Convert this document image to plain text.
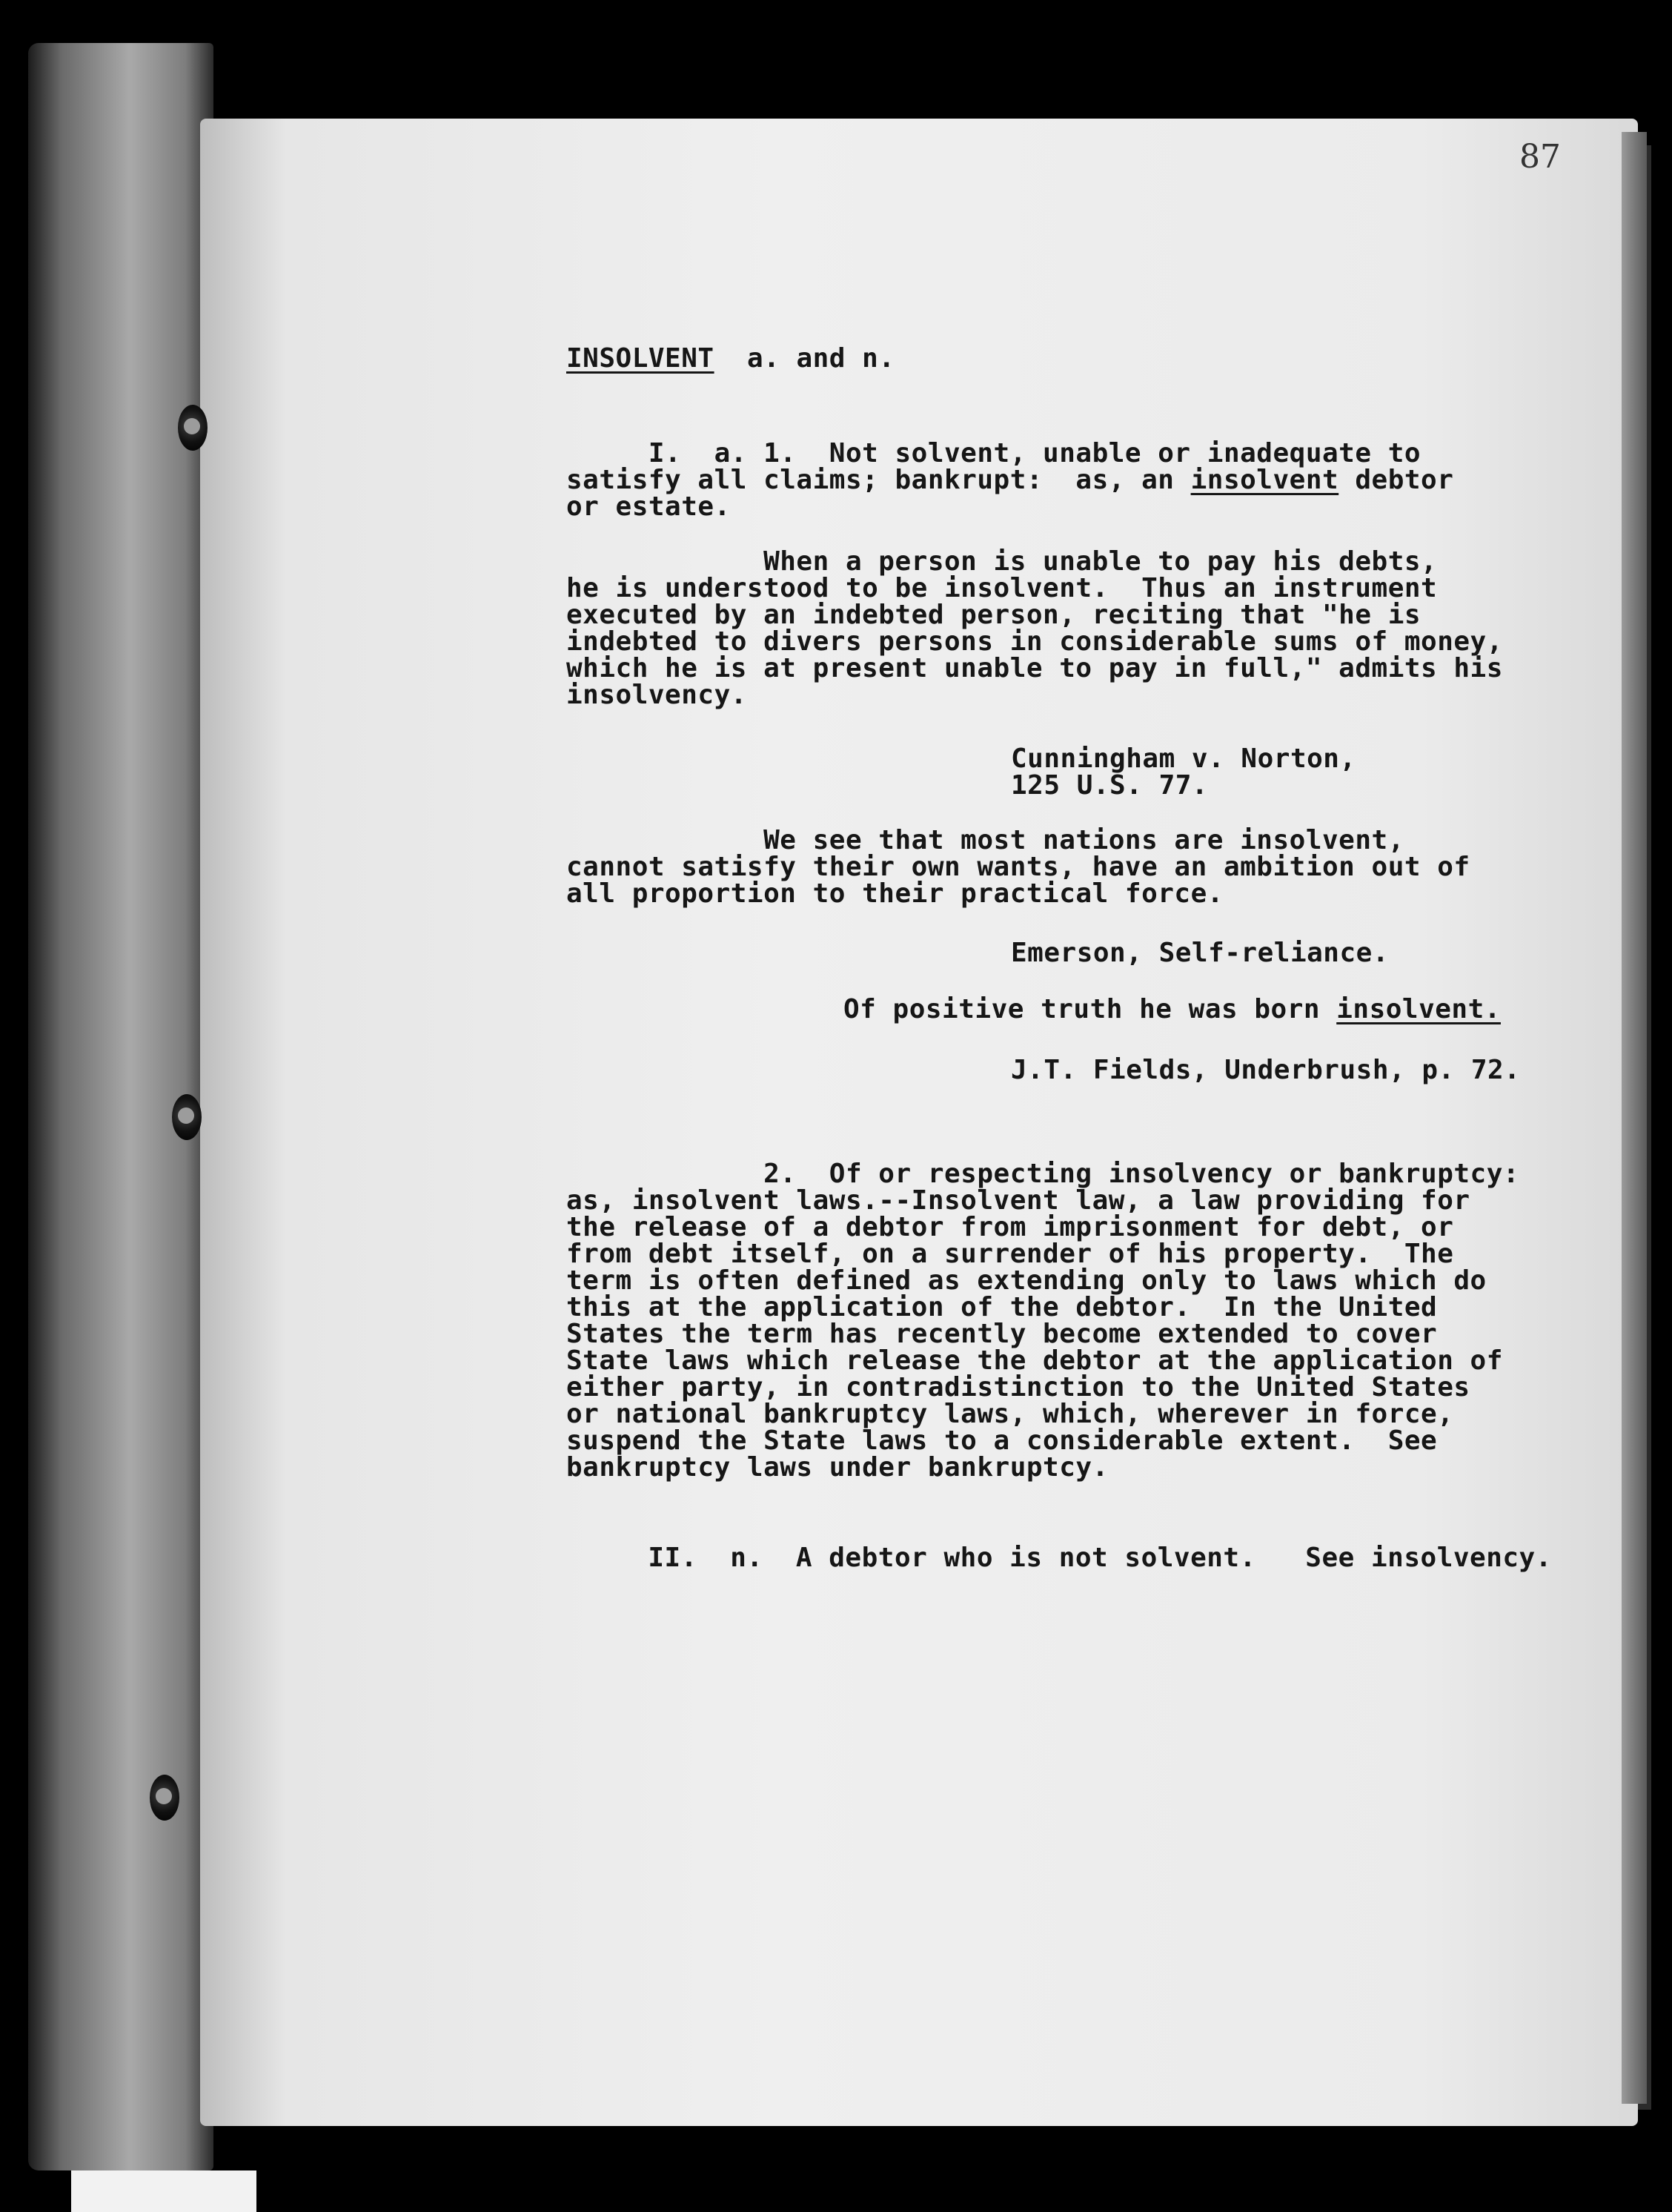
87

INSOLVENT a. and n.

I.  a. 1.  Not solvent, unable or inadequate to

satisfy all claims; bankrupt:  as, an insolvent debtor

or estate.

When a person is unable to pay his debts,

he is understood to be insolvent.  Thus an instrument

executed by an indebted person, reciting that "he is

indebted to divers persons in considerable sums of money,

which he is at present unable to pay in full," admits his

insolvency.

Cunningham v. Norton,

125 U.S. 77.

We see that most nations are insolvent,

cannot satisfy their own wants, have an ambition out of

all proportion to their practical force.

Emerson, Self-reliance.

Of positive truth he was born insolvent.

J.T. Fields, Underbrush, p. 72.

2.  Of or respecting insolvency or bankruptcy:

as, insolvent laws.--Insolvent law, a law providing for

the release of a debtor from imprisonment for debt, or

from debt itself, on a surrender of his property.  The

term is often defined as extending only to laws which do

this at the application of the debtor.  In the United

States the term has recently become extended to cover

State laws which release the debtor at the application of

either party, in contradistinction to the United States

or national bankruptcy laws, which, wherever in force,

suspend the State laws to a considerable extent.  See

bankruptcy laws under bankruptcy.

II.  n.  A debtor who is not solvent.   See insolvency.
